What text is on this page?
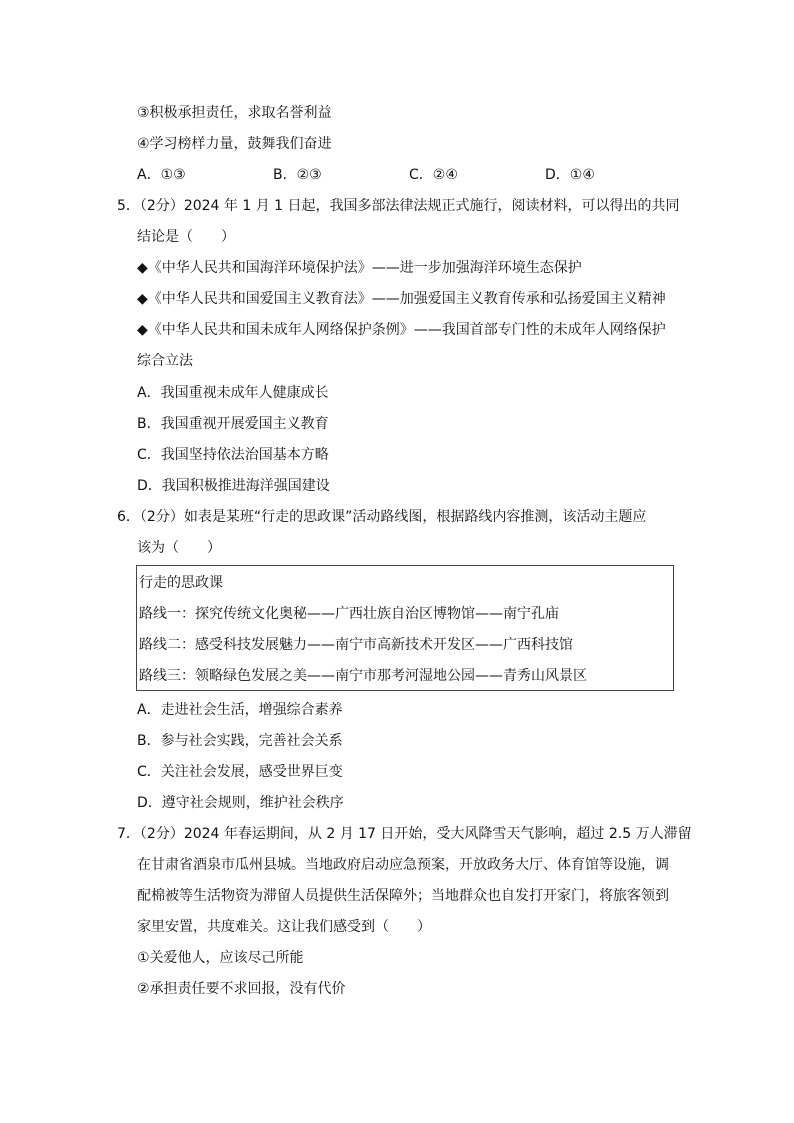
③积极承担责任，求取名誉利益
④学习榜样力量，鼓舞我们奋进
A．①③	B．②③	C．②④	D．①④
5．（2分）2024 年 1 月 1 日起，我国多部法律法规正式施行，阅读材料，可以得出的共同
结论是（　　）
◆《中华人民共和国海洋环境保护法》——进一步加强海洋环境生态保护
◆《中华人民共和国爱国主义教育法》——加强爱国主义教育传承和弘扬爱国主义精神
◆《中华人民共和国未成年人网络保护条例》——我国首部专门性的未成年人网络保护
综合立法
A．我国重视未成年人健康成长
B．我国重视开展爱国主义教育
C．我国坚持依法治国基本方略
D．我国积极推进海洋强国建设
6．（2分）如表是某班“行走的思政课”活动路线图，根据路线内容推测，该活动主题应
该为（　　）
行走的思政课
路线一：探究传统文化奥秘——广西壮族自治区博物馆——南宁孔庙
路线二：感受科技发展魅力——南宁市高新技术开发区——广西科技馆
路线三：领略绿色发展之美——南宁市那考河湿地公园——青秀山风景区
A．走进社会生活，增强综合素养
B．参与社会实践，完善社会关系
C．关注社会发展，感受世界巨变
D．遵守社会规则，维护社会秩序
7．（2分）2024 年春运期间，从 2 月 17 日开始，受大风降雪天气影响，超过 2.5 万人滞留
在甘肃省酒泉市瓜州县城。当地政府启动应急预案，开放政务大厅、体育馆等设施，调
配棉被等生活物资为滞留人员提供生活保障外；当地群众也自发打开家门，将旅客领到
家里安置，共度难关。这让我们感受到（　　）
①关爱他人，应该尽己所能
②承担责任要不求回报，没有代价
